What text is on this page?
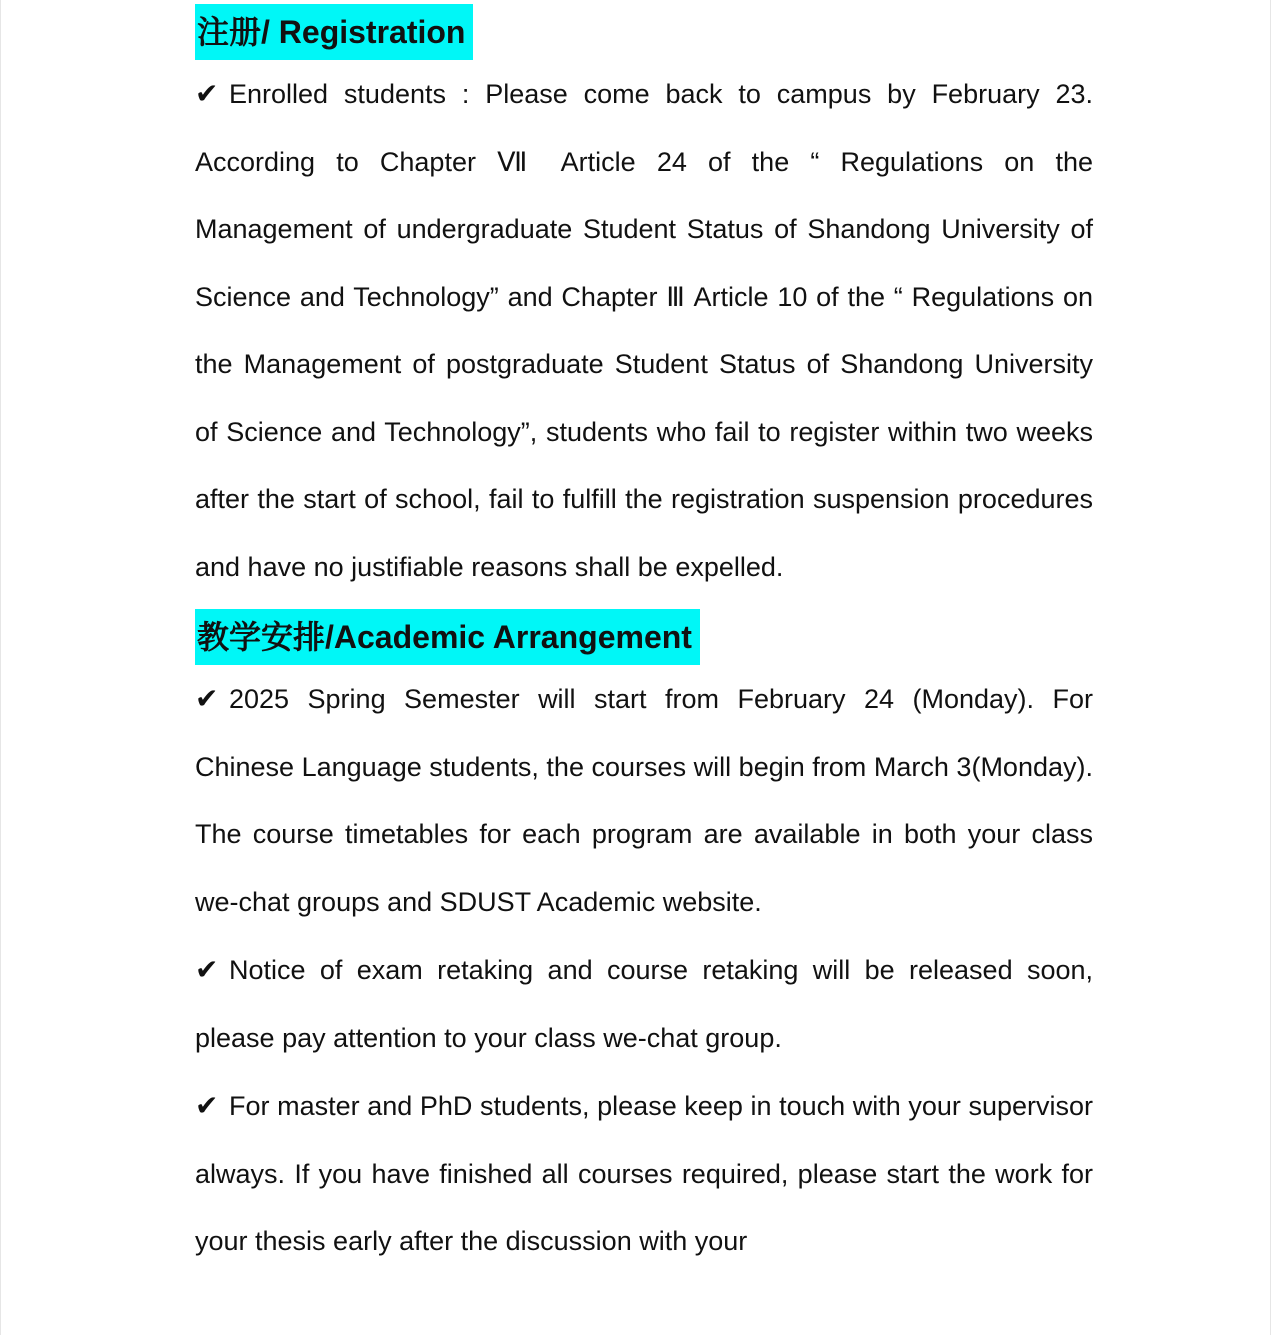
注册/ Registration

✔ Enrolled students : Please come back to campus by February 23. According to Chapter Ⅶ Article 24 of the “ Regulations on the Management of undergraduate Student Status of Shandong University of Science and Technology” and Chapter Ⅲ Article 10 of the “ Regulations on the Management of postgraduate Student Status of Shandong University of Science and Technology”, students who fail to register within two weeks after the start of school, fail to fulfill the registration suspension procedures and have no justifiable reasons shall be expelled.

教学安排/Academic Arrangement

✔ 2025 Spring Semester will start from February 24 (Monday). For Chinese Language students, the courses will begin from March 3(Monday). The course timetables for each program are available in both your class we-chat groups and SDUST Academic website.

✔ Notice of exam retaking and course retaking will be released soon, please pay attention to your class we-chat group.

✔ For master and PhD students, please keep in touch with your supervisor always. If you have finished all courses required, please start the work for your thesis early after the discussion with your
